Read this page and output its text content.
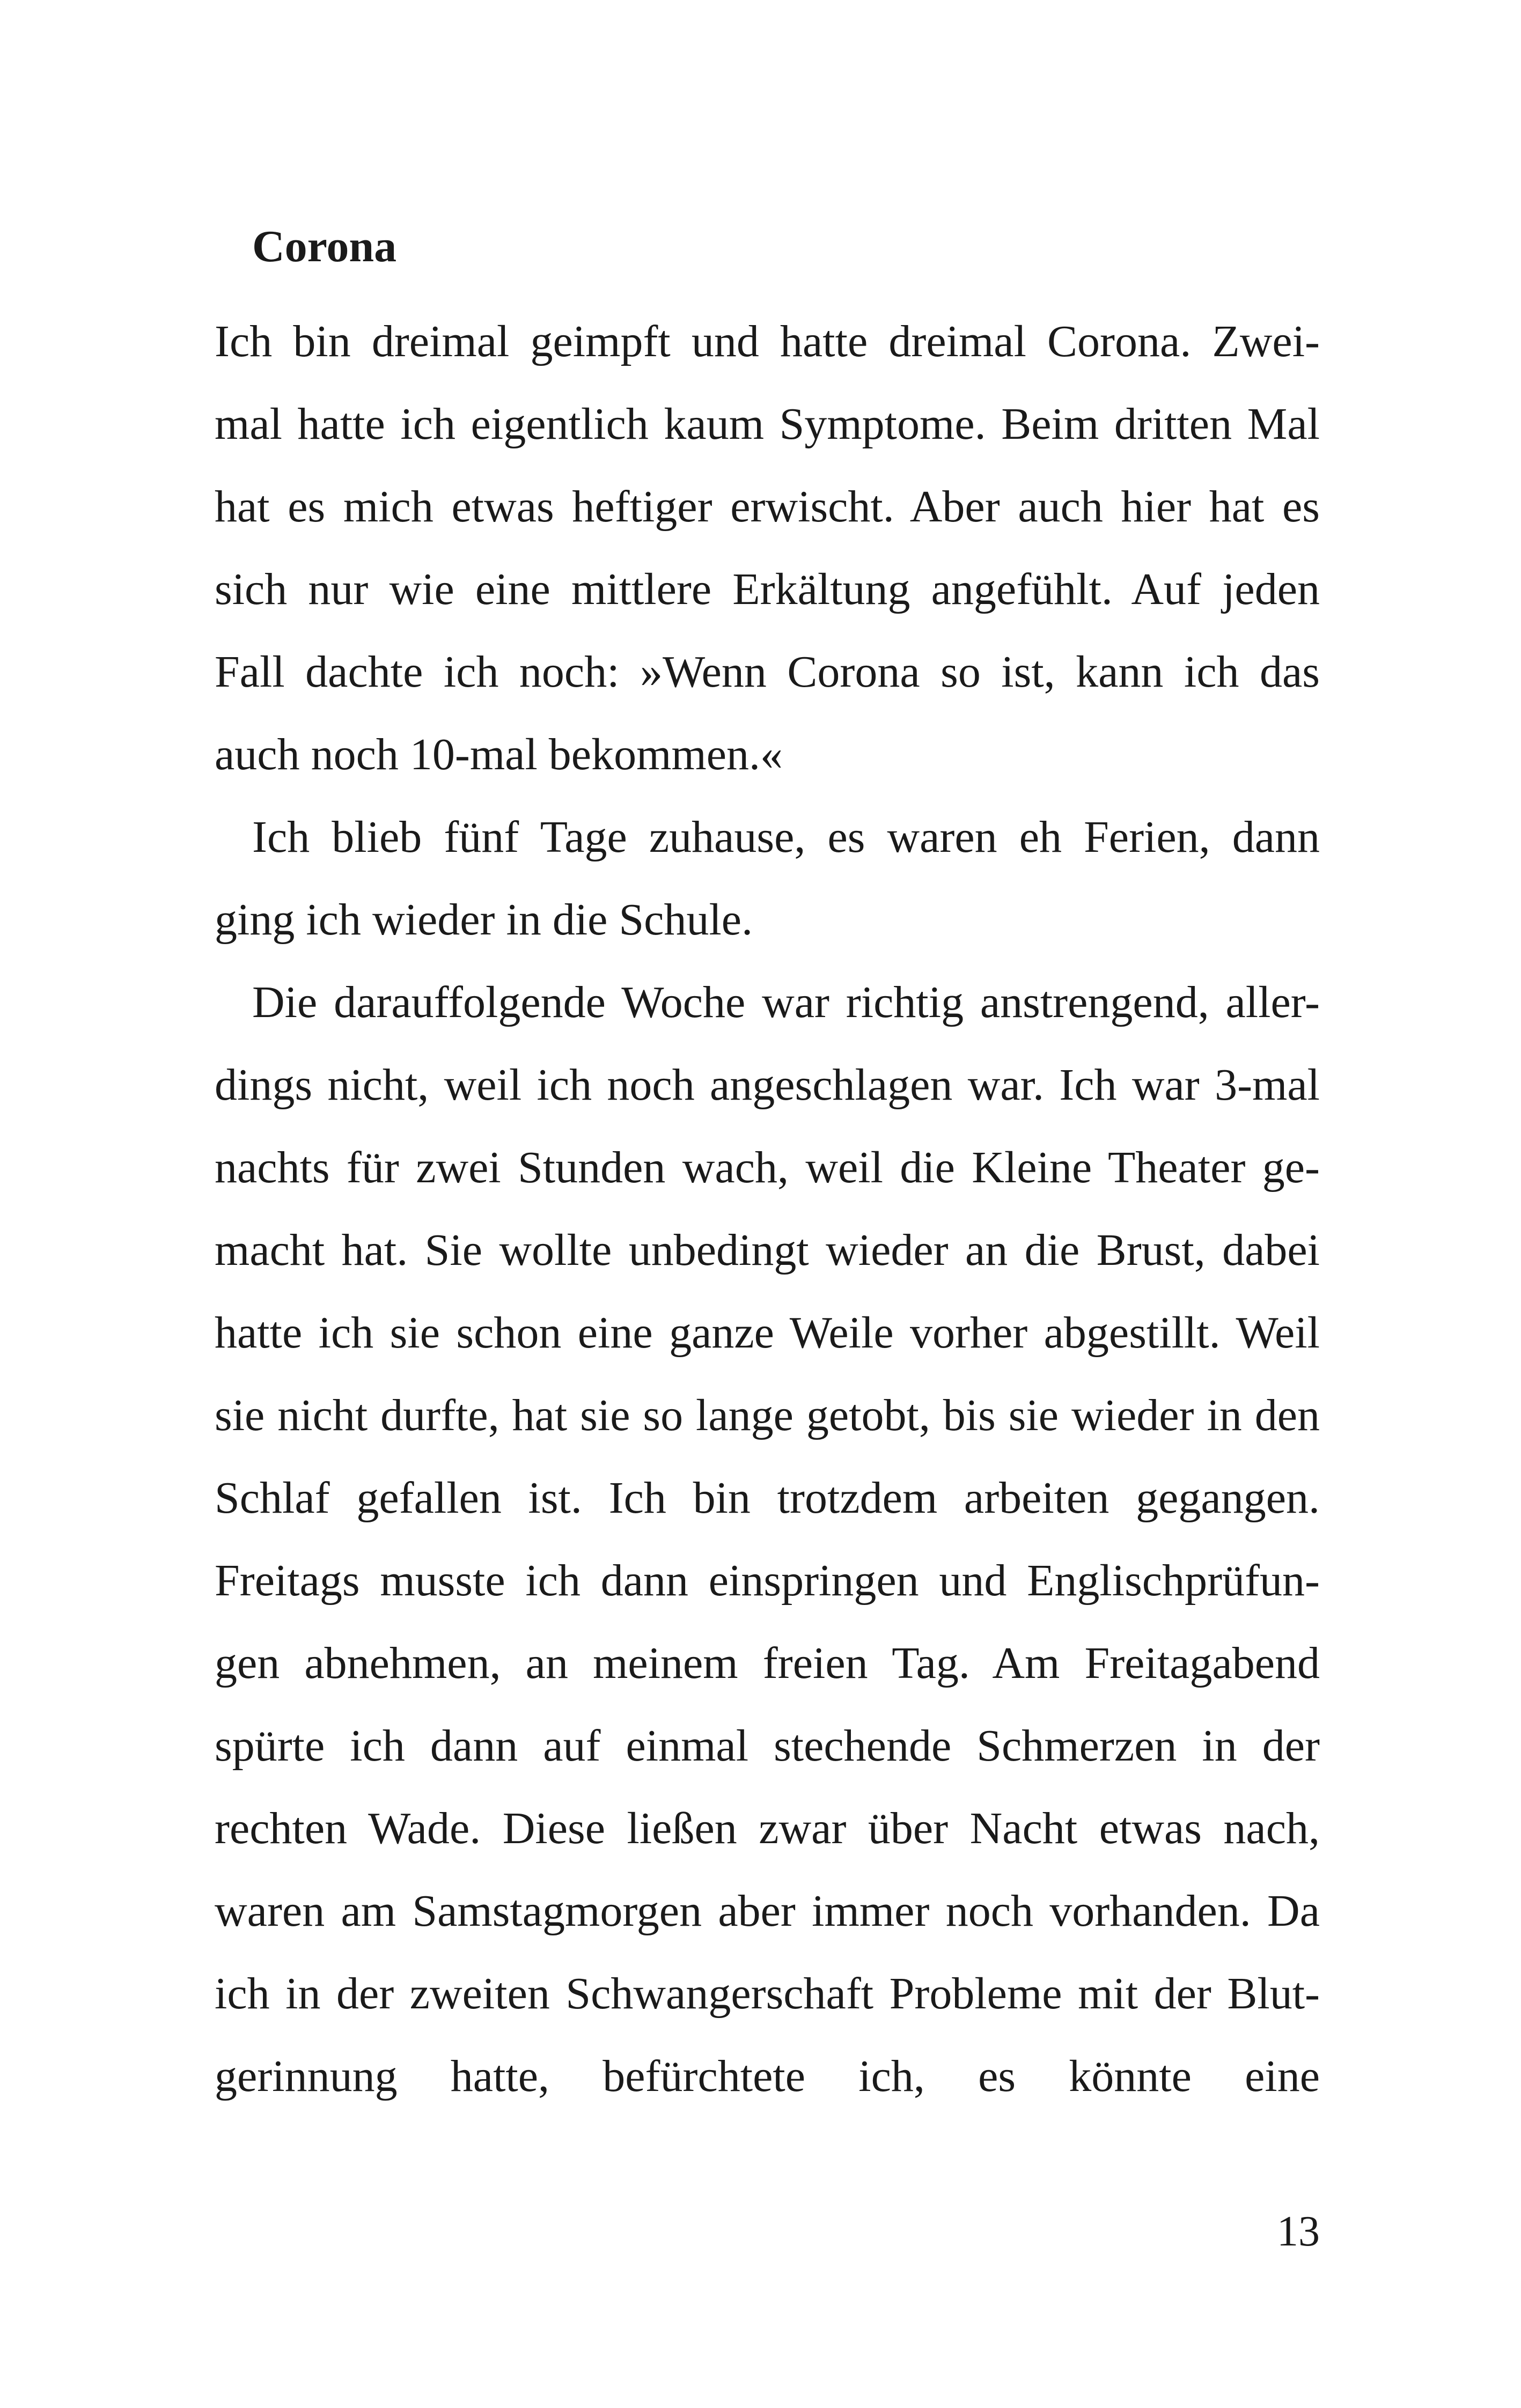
Corona
Ich bin dreimal geimpft und hatte dreimal Corona. Zwei-
mal hatte ich eigentlich kaum Symptome. Beim dritten Mal
hat es mich etwas heftiger erwischt. Aber auch hier hat es
sich nur wie eine mittlere Erkältung angefühlt. Auf jeden
Fall dachte ich noch: »Wenn Corona so ist, kann ich das
auch noch 10-mal bekommen.«
Ich blieb fünf Tage zuhause, es waren eh Ferien, dann
ging ich wieder in die Schule.
Die darauffolgende Woche war richtig anstrengend, aller-
dings nicht, weil ich noch angeschlagen war. Ich war 3-mal
nachts für zwei Stunden wach, weil die Kleine Theater ge-
macht hat. Sie wollte unbedingt wieder an die Brust, dabei
hatte ich sie schon eine ganze Weile vorher abgestillt. Weil
sie nicht durfte, hat sie so lange getobt, bis sie wieder in den
Schlaf gefallen ist. Ich bin trotzdem arbeiten gegangen.
Freitags musste ich dann einspringen und Englischprüfun-
gen abnehmen, an meinem freien Tag. Am Freitagabend
spürte ich dann auf einmal stechende Schmerzen in der
rechten Wade. Diese ließen zwar über Nacht etwas nach,
waren am Samstagmorgen aber immer noch vorhanden. Da
ich in der zweiten Schwangerschaft Probleme mit der Blut-
gerinnung hatte, befürchtete ich, es könnte eine
13
